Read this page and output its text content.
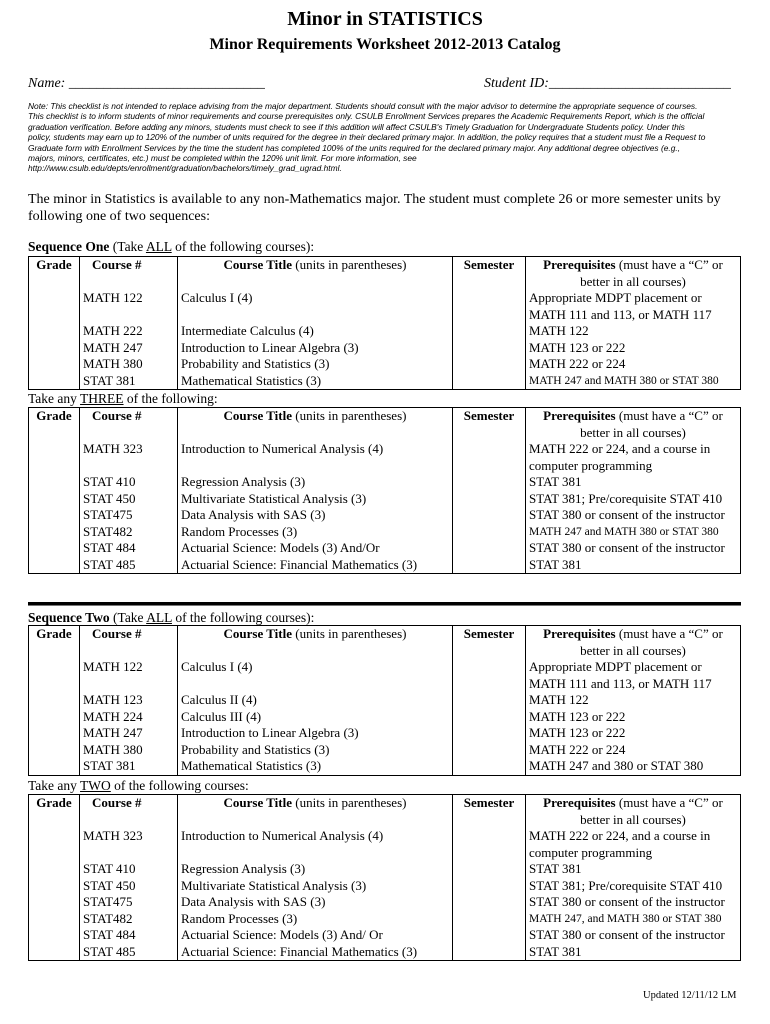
Minor in STATISTICS
Minor Requirements Worksheet 2012-2013 Catalog
Name: ____________________________	Student ID:__________________________
Note: This checklist is not intended to replace advising from the major department. Students should consult with the major advisor to determine the appropriate sequence of courses.
This checklist is to inform students of minor requirements and course prerequisites only. CSULB Enrollment Services prepares the Academic Requirements Report, which is the official
graduation verification. Before adding any minors, students must check to see if this addition will affect CSULB's Timely Graduation for Undergraduate Students policy. Under this
policy, students may earn up to 120% of the number of units required for the degree in their declared primary major. In addition, the policy requires that a student must file a Request to
Graduate form with Enrollment Services by the time the student has completed 100% of the units required for the declared primary major. Any additional degree objectives (e.g.,
majors, minors, certificates, etc.) must be completed within the 120% unit limit. For more information, see
http://www.csulb.edu/depts/enrollment/graduation/bachelors/timely_grad_ugrad.html.
The minor in Statistics is available to any non-Mathematics major. The student must complete 26 or more semester units by
following one of two sequences:
Sequence One (Take ALL of the following courses):
Grade	Course #	Course Title (units in parentheses)	Semester	Prerequisites (must have a “C” or better in all courses)
	MATH 122	Calculus I (4)		Appropriate MDPT placement or MATH 111 and 113, or MATH 117
	MATH 222	Intermediate Calculus (4)		MATH 122
	MATH 247	Introduction to Linear Algebra (3)		MATH 123 or 222
	MATH 380	Probability and Statistics (3)		MATH 222 or 224
	STAT 381	Mathematical Statistics (3)		MATH 247 and MATH 380 or STAT 380
Take any THREE of the following:
Grade	Course #	Course Title (units in parentheses)	Semester	Prerequisites (must have a “C” or better in all courses)
	MATH 323	Introduction to Numerical Analysis (4)		MATH 222 or 224, and a course in computer programming
	STAT 410	Regression Analysis (3)		STAT 381
	STAT 450	Multivariate Statistical Analysis (3)		STAT 381; Pre/corequisite STAT 410
	STAT475	Data Analysis with SAS (3)		STAT 380 or consent of the instructor
	STAT482	Random Processes (3)		MATH 247 and MATH 380 or STAT 380
	STAT 484	Actuarial Science: Models (3) And/Or		STAT 380 or consent of the instructor
	STAT 485	Actuarial Science: Financial Mathematics (3)		STAT 381
Sequence Two (Take ALL of the following courses):
Grade	Course #	Course Title (units in parentheses)	Semester	Prerequisites (must have a “C” or better in all courses)
	MATH 122	Calculus I (4)		Appropriate MDPT placement or MATH 111 and 113, or MATH 117
	MATH 123	Calculus II (4)		MATH 122
	MATH 224	Calculus III (4)		MATH 123 or 222
	MATH 247	Introduction to Linear Algebra (3)		MATH 123 or 222
	MATH 380	Probability and Statistics (3)		MATH 222 or 224
	STAT 381	Mathematical Statistics (3)		MATH 247 and 380 or STAT 380
Take any TWO of the following courses:
Grade	Course #	Course Title (units in parentheses)	Semester	Prerequisites (must have a “C” or better in all courses)
	MATH 323	Introduction to Numerical Analysis (4)		MATH 222 or 224, and a course in computer programming
	STAT 410	Regression Analysis (3)		STAT 381
	STAT 450	Multivariate Statistical Analysis (3)		STAT 381; Pre/corequisite STAT 410
	STAT475	Data Analysis with SAS (3)		STAT 380 or consent of the instructor
	STAT482	Random Processes (3)		MATH 247, and MATH 380 or STAT 380
	STAT 484	Actuarial Science: Models (3) And/ Or		STAT 380 or consent of the instructor
	STAT 485	Actuarial Science: Financial Mathematics (3)		STAT 381
Updated 12/11/12 LM
